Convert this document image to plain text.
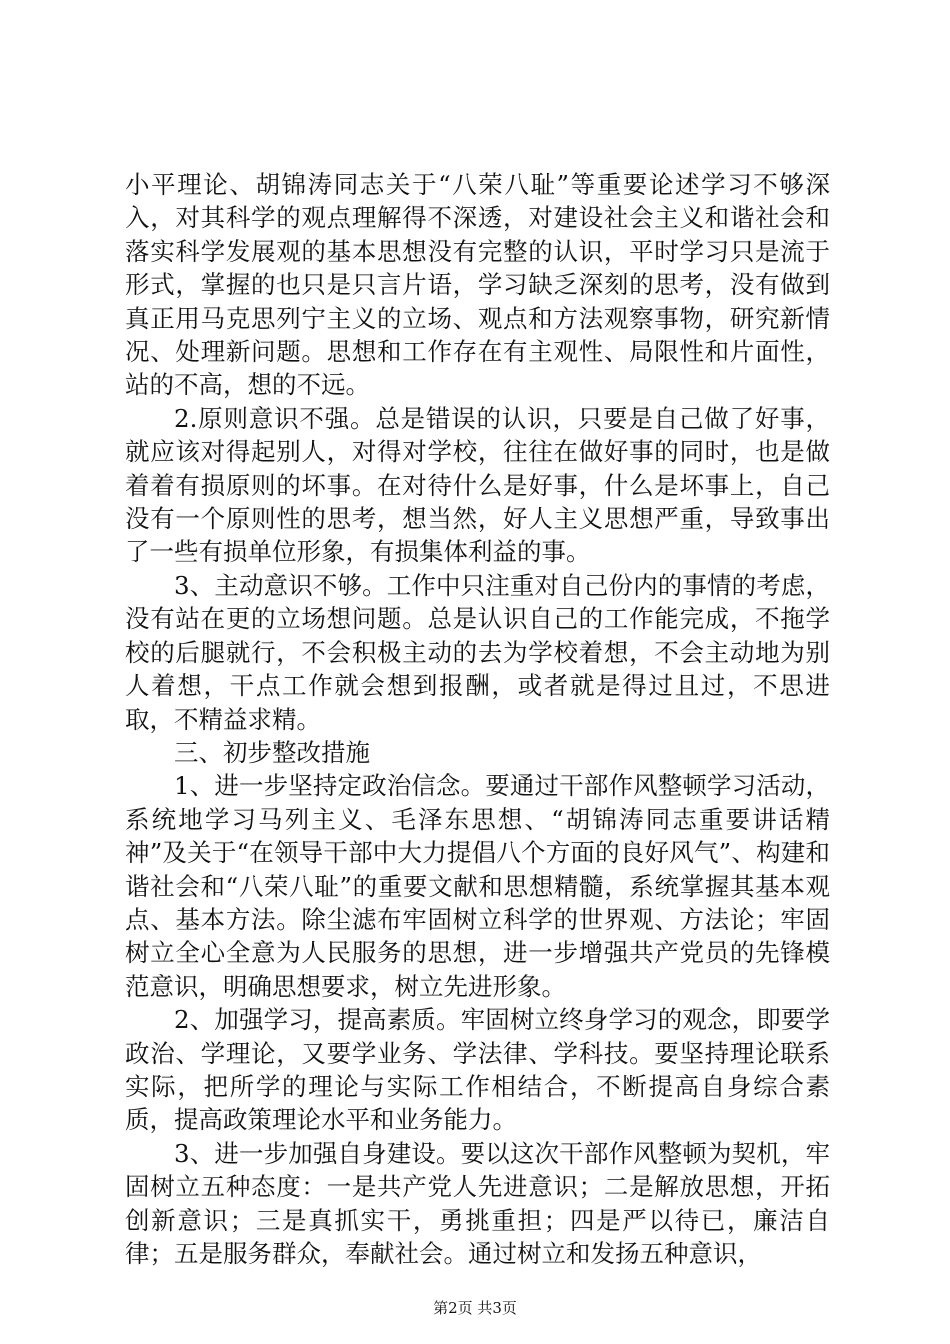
小平理论、胡锦涛同志关于“八荣八耻”等重要论述学习不够深入，对其科学的观点理解得不深透，对建设社会主义和谐社会和落实科学发展观的基本思想没有完整的认识，平时学习只是流于形式，掌握的也只是只言片语，学习缺乏深刻的思考，没有做到真正用马克思列宁主义的立场、观点和方法观察事物，研究新情况、处理新问题。思想和工作存在有主观性、局限性和片面性，站的不高，想的不远。

2.原则意识不强。总是错误的认识，只要是自己做了好事，就应该对得起别人，对得对学校，往往在做好事的同时，也是做着着有损原则的坏事。在对待什么是好事，什么是坏事上，自己没有一个原则性的思考，想当然，好人主义思想严重，导致事出了一些有损单位形象，有损集体利益的事。

3、主动意识不够。工作中只注重对自己份内的事情的考虑，没有站在更的立场想问题。总是认识自己的工作能完成，不拖学校的后腿就行，不会积极主动的去为学校着想，不会主动地为别人着想，干点工作就会想到报酬，或者就是得过且过，不思进取，不精益求精。

三、初步整改措施

1、进一步坚持定政治信念。要通过干部作风整顿学习活动，系统地学习马列主义、毛泽东思想、“胡锦涛同志重要讲话精神”及关于“在领导干部中大力提倡八个方面的良好风气”、构建和谐社会和“八荣八耻”的重要文献和思想精髓，系统掌握其基本观点、基本方法。除尘滤布牢固树立科学的世界观、方法论；牢固树立全心全意为人民服务的思想，进一步增强共产党员的先锋模范意识，明确思想要求，树立先进形象。

2、加强学习，提高素质。牢固树立终身学习的观念，即要学政治、学理论，又要学业务、学法律、学科技。要坚持理论联系实际，把所学的理论与实际工作相结合，不断提高自身综合素质，提高政策理论水平和业务能力。

3、进一步加强自身建设。要以这次干部作风整顿为契机，牢固树立五种态度：一是共产党人先进意识；二是解放思想，开拓创新意识；三是真抓实干，勇挑重担；四是严以待已，廉洁自律；五是服务群众，奉献社会。通过树立和发扬五种意识，

第2页 共3页
